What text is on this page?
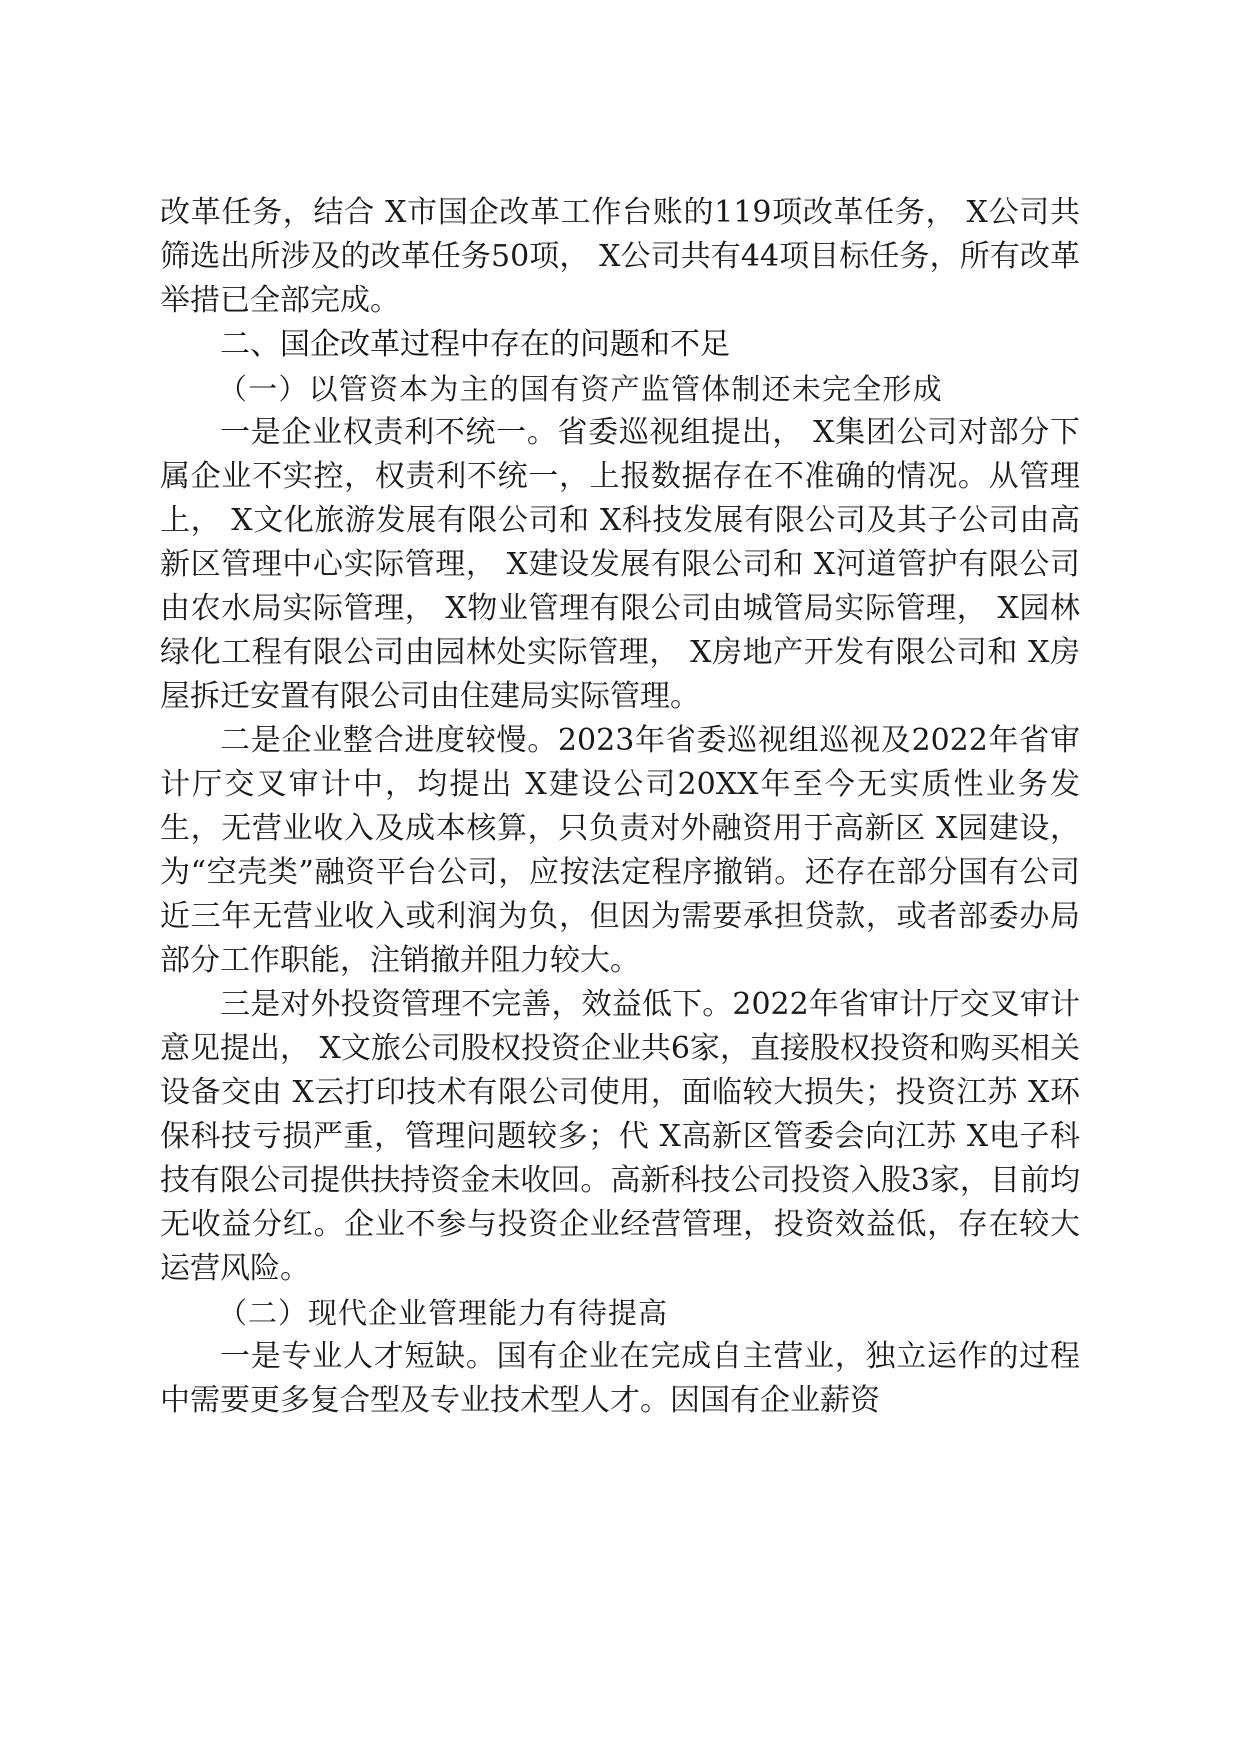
改革任务，结合 X市国企改革工作台账的119项改革任务， X公司共筛选出所涉及的改革任务50项， X公司共有44项目标任务，所有改革举措已全部完成。

二、国企改革过程中存在的问题和不足

（一）以管资本为主的国有资产监管体制还未完全形成

一是企业权责利不统一。省委巡视组提出， X集团公司对部分下属企业不实控，权责利不统一，上报数据存在不准确的情况。从管理上， X文化旅游发展有限公司和 X科技发展有限公司及其子公司由高新区管理中心实际管理， X建设发展有限公司和 X河道管护有限公司由农水局实际管理， X物业管理有限公司由城管局实际管理， X园林绿化工程有限公司由园林处实际管理， X房地产开发有限公司和 X房屋拆迁安置有限公司由住建局实际管理。

二是企业整合进度较慢。2023年省委巡视组巡视及2022年省审计厅交叉审计中，均提出 X建设公司20XX年至今无实质性业务发生，无营业收入及成本核算，只负责对外融资用于高新区 X园建设，为“空壳类”融资平台公司，应按法定程序撤销。还存在部分国有公司近三年无营业收入或利润为负，但因为需要承担贷款，或者部委办局部分工作职能，注销撤并阻力较大。

三是对外投资管理不完善，效益低下。2022年省审计厅交叉审计意见提出， X文旅公司股权投资企业共6家，直接股权投资和购买相关设备交由 X云打印技术有限公司使用，面临较大损失；投资江苏 X环保科技亏损严重，管理问题较多；代 X高新区管委会向江苏 X电子科技有限公司提供扶持资金未收回。高新科技公司投资入股3家，目前均无收益分红。企业不参与投资企业经营管理，投资效益低，存在较大运营风险。

（二）现代企业管理能力有待提高

一是专业人才短缺。国有企业在完成自主营业，独立运作的过程中需要更多复合型及专业技术型人才。因国有企业薪资
